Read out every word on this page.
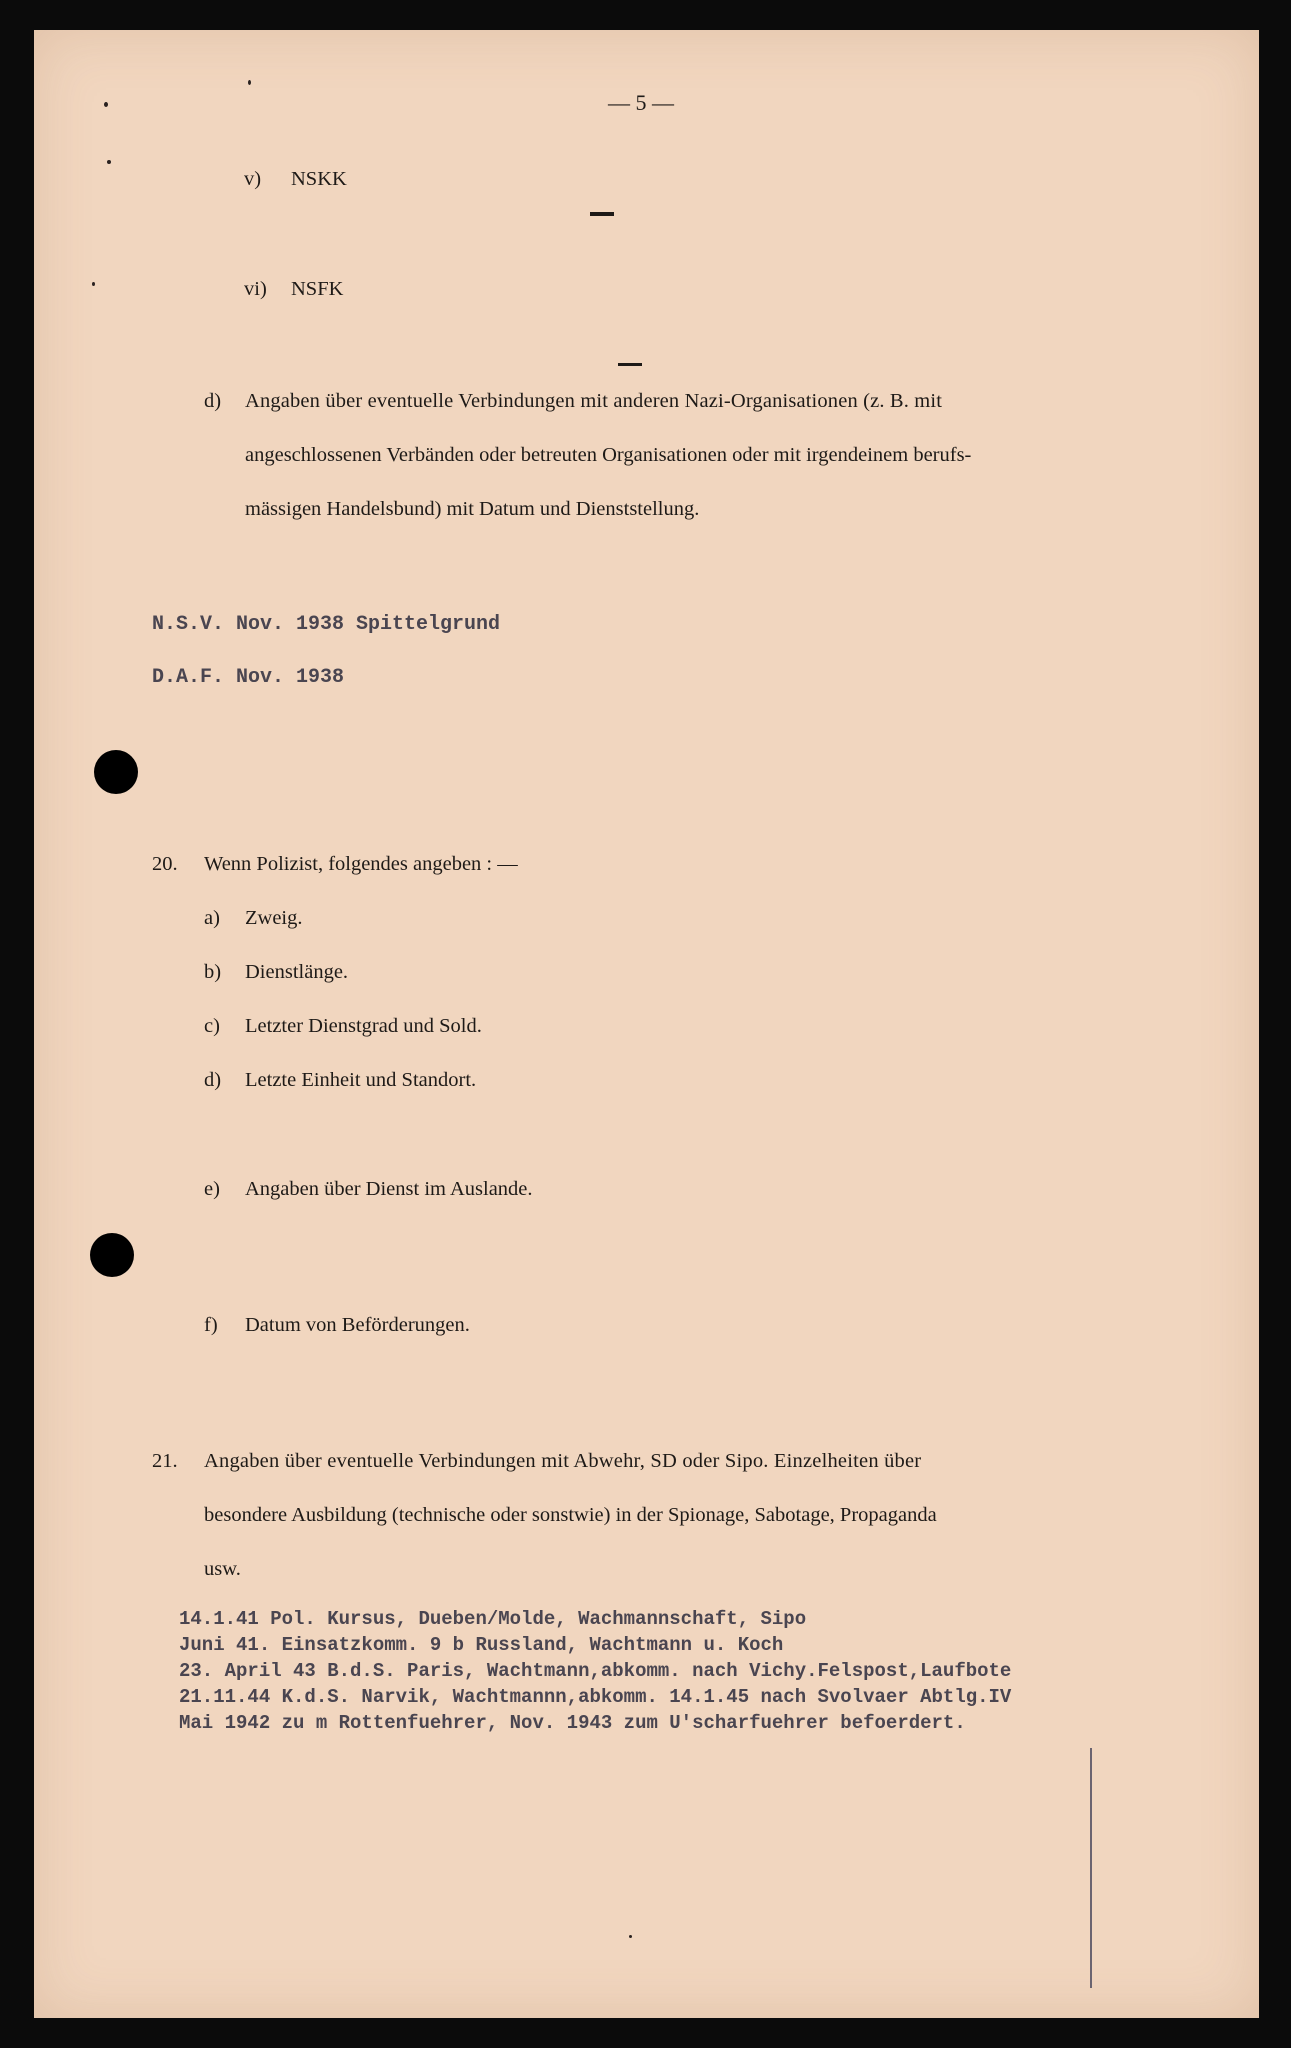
— 5 —
v) NSKK
vi) NSFK
d) Angaben über eventuelle Verbindungen mit anderen Nazi-Organisationen (z. B. mit
angeschlossenen Verbänden oder betreuten Organisationen oder mit irgendeinem berufs-
mässigen Handelsbund) mit Datum und Dienststellung.
N.S.V. Nov. 1938 Spittelgrund
D.A.F. Nov. 1938
20. Wenn Polizist, folgendes angeben : —
a) Zweig.
b) Dienstlänge.
c) Letzter Dienstgrad und Sold.
d) Letzte Einheit und Standort.
e) Angaben über Dienst im Auslande.
f) Datum von Beförderungen.
21. Angaben über eventuelle Verbindungen mit Abwehr, SD oder Sipo. Einzelheiten über
besondere Ausbildung (technische oder sonstwie) in der Spionage, Sabotage, Propaganda
usw.
14.1.41 Pol. Kursus, Dueben/Molde, Wachmannschaft, Sipo
Juni 41. Einsatzkomm. 9 b Russland, Wachtmann u. Koch
23. April 43 B.d.S. Paris, Wachtmann,abkomm. nach Vichy.Felspost,Laufbote
21.11.44 K.d.S. Narvik, Wachtmannn,abkomm. 14.1.45 nach Svolvaer Abtlg.IV
Mai 1942 zu m Rottenfuehrer, Nov. 1943 zum U'scharfuehrer befoerdert.
